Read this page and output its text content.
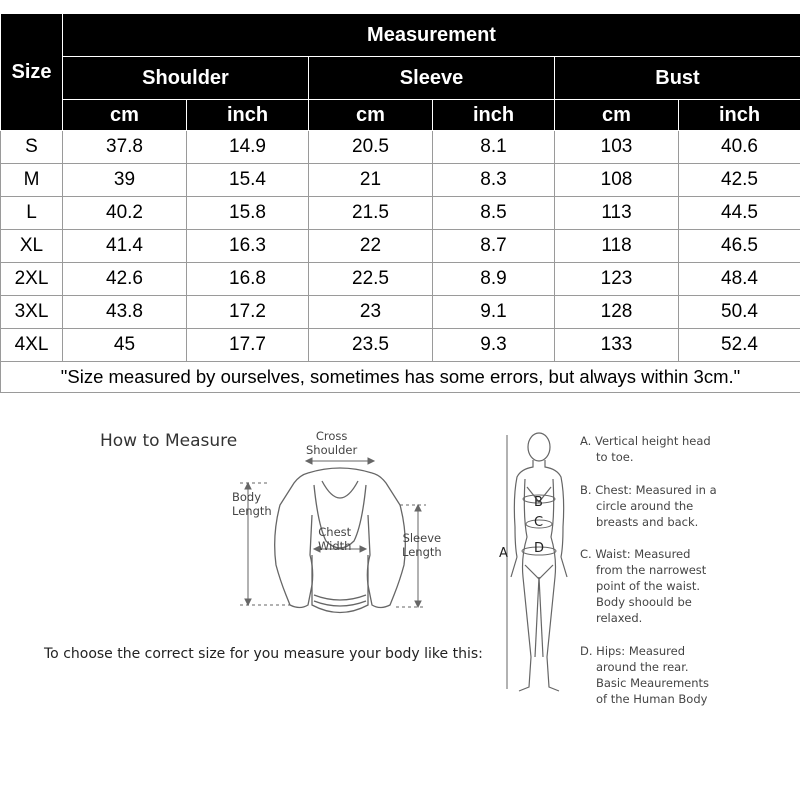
Size	Measurement					
	Shoulder		Sleeve		Bust	
	cm	inch	cm	inch	cm	inch
S	37.8	14.9	20.5	8.1	103	40.6
M	39	15.4	21	8.3	108	42.5
L	40.2	15.8	21.5	8.5	113	44.5
XL	41.4	16.3	22	8.7	118	46.5
2XL	42.6	16.8	22.5	8.9	123	48.4
3XL	43.8	17.2	23	9.1	128	50.4
4XL	45	17.7	23.5	9.3	133	52.4
"Size measured by ourselves, sometimes has some errors, but always within 3cm."						
How to Measure	Cross
Shoulder
Body
Length
Chest
Width
Sleeve
Length
To choose the correct size for you measure your body like this:
A
B
C
D
A. Vertical height head
to toe.
B. Chest: Measured in a
circle around the
breasts and back.
C. Waist: Measured
from the narrowest
point of the waist.
Body shoould be
relaxed.
D. Hips: Measured
around the rear.
Basic Meaurements
of the Human Body
